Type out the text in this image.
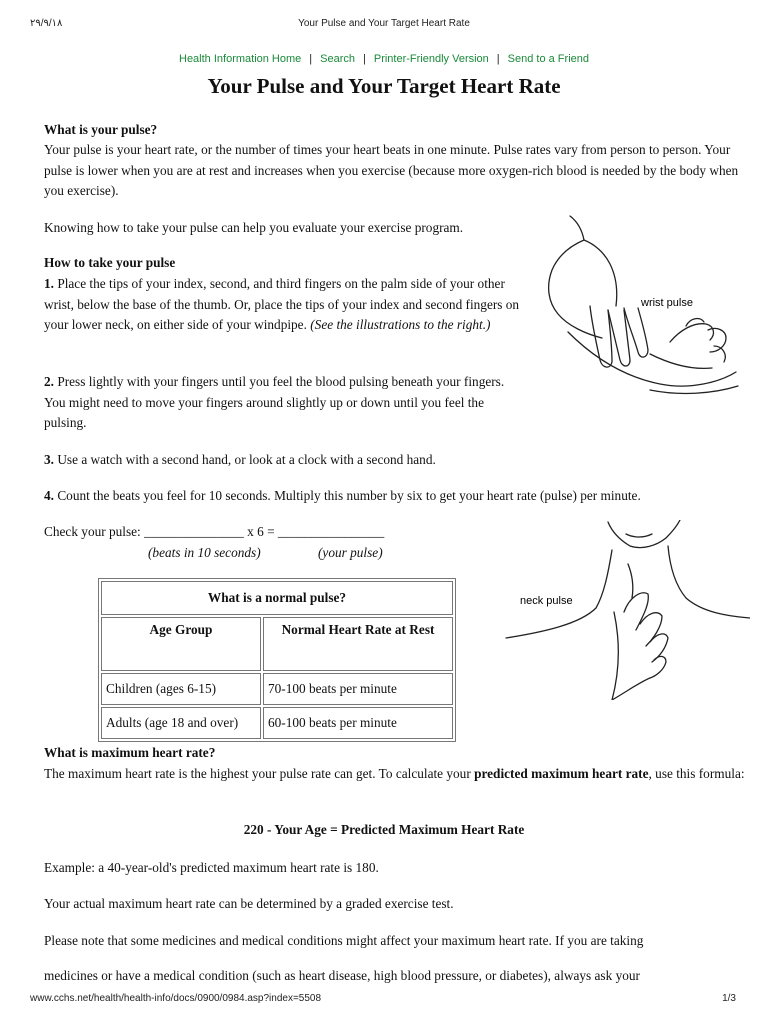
۲۹/۹/۱۸	Your Pulse and Your Target Heart Rate
Health Information Home | Search | Printer-Friendly Version | Send to a Friend
Your Pulse and Your Target Heart Rate
What is your pulse?

Your pulse is your heart rate, or the number of times your heart beats in one minute. Pulse rates vary from person to person. Your pulse is lower when you are at rest and increases when you exercise (because more oxygen-rich blood is needed by the body when you exercise).

Knowing how to take your pulse can help you evaluate your exercise program.

How to take your pulse

1. Place the tips of your index, second, and third fingers on the palm side of your other wrist, below the base of the thumb. Or, place the tips of your index and second fingers on your lower neck, on either side of your windpipe. (See the illustrations to the right.)

2. Press lightly with your fingers until you feel the blood pulsing beneath your fingers. You might need to move your fingers around slightly up or down until you feel the pulsing.

3. Use a watch with a second hand, or look at a clock with a second hand.

4. Count the beats you feel for 10 seconds. Multiply this number by six to get your heart rate (pulse) per minute.

Check your pulse: _______________ x 6 = ________________

(beats in 10 seconds)	(your pulse)

wrist pulse
neck pulse
What is a normal pulse?	
Age Group	Normal Heart Rate at Rest
Children (ages 6-15)	70-100 beats per minute
Adults (age 18 and over)	60-100 beats per minute
What is maximum heart rate?

The maximum heart rate is the highest your pulse rate can get. To calculate your predicted maximum heart rate, use this formula:

220 - Your Age = Predicted Maximum Heart Rate

Example: a 40-year-old's predicted maximum heart rate is 180.

Your actual maximum heart rate can be determined by a graded exercise test.

Please note that some medicines and medical conditions might affect your maximum heart rate. If you are taking

medicines or have a medical condition (such as heart disease, high blood pressure, or diabetes), always ask your

www.cchs.net/health/health-info/docs/0900/0984.asp?index=5508	1/3
